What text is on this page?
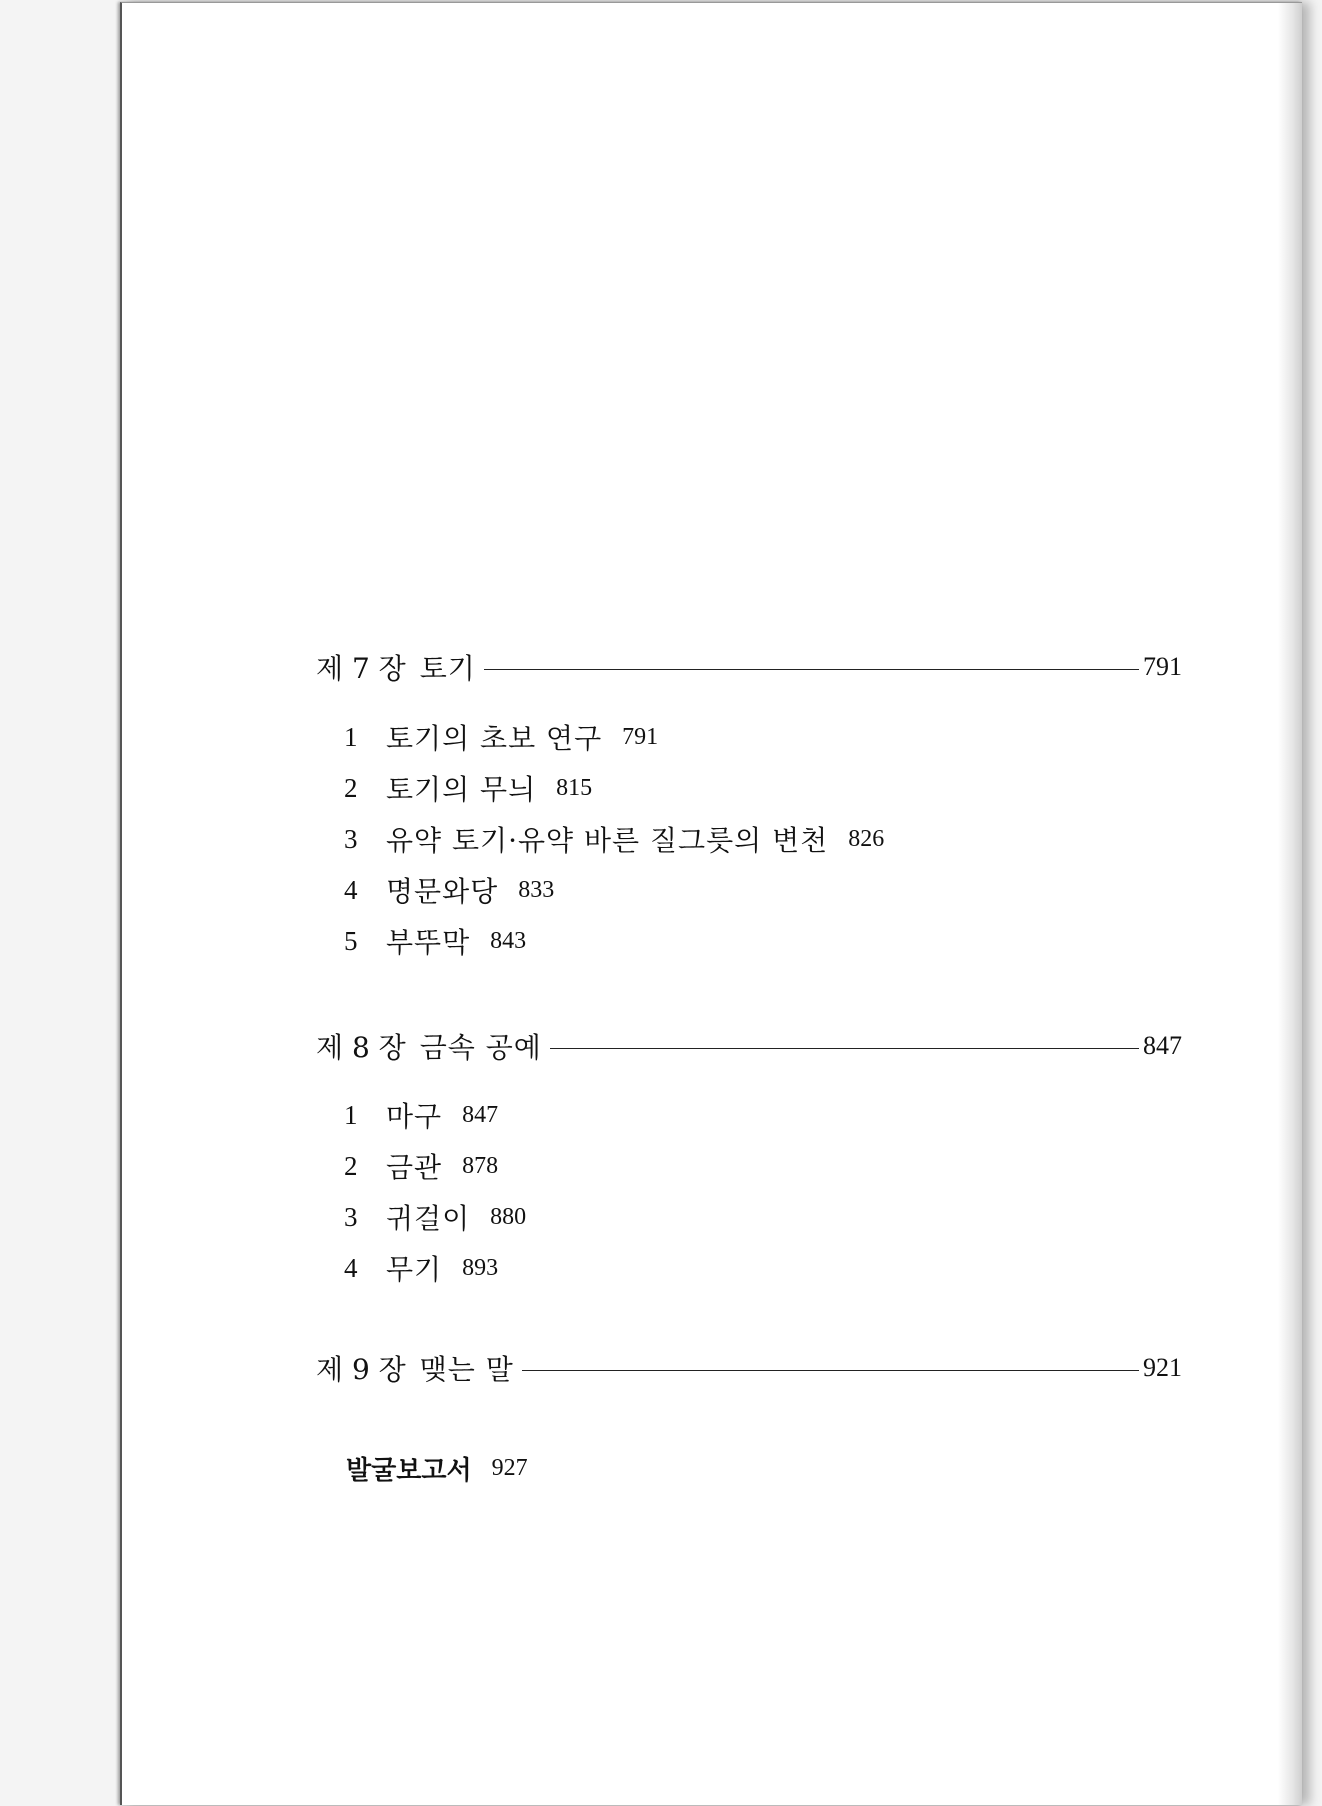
제 7 장 토기	791
1	토기의 초보 연구 791
2	토기의 무늬 815
3	유약 토기·유약 바른 질그릇의 변천 826
4	명문와당 833
5	부뚜막 843
제 8 장 금속 공예	847
1	마구 847
2	금관 878
3	귀걸이 880
4	무기 893
제 9 장 맺는 말	921
발굴보고서 927
